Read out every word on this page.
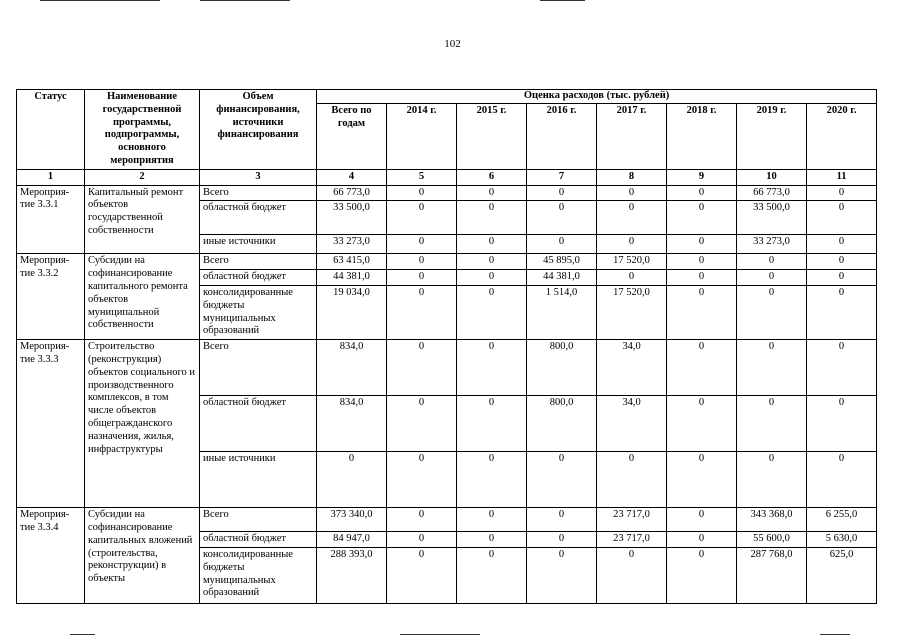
102
Статус	Наименование государственной программы, подпрограммы, основного мероприятия	Объем финансирования, источники финансирования	Оценка расходов (тыс. рублей)							
			Всего по годам	2014 г.	2015 г.	2016 г.	2017 г.	2018 г.	2019 г.	2020 г.
1	2	3	4	5	6	7	8	9	10	11
Мероприя-тие 3.3.1	Капитальный ремонт объектов государственной собственности	Всего	66 773,0	0	0	0	0	0	66 773,0	0
		областной бюджет	33 500,0	0	0	0	0	0	33 500,0	0
		иные источники	33 273,0	0	0	0	0	0	33 273,0	0
Мероприя-тие 3.3.2	Субсидии на софинансирование капитального ремонта объектов муниципальной собственности	Всего	63 415,0	0	0	45 895,0	17 520,0	0	0	0
		областной бюджет	44 381,0	0	0	44 381,0	0	0	0	0
		консолидированные бюджеты муниципальных образований	19 034,0	0	0	1 514,0	17 520,0	0	0	0
Мероприя-тие 3.3.3	Строительство (реконструкция) объектов социального и производственного комплексов, в том числе объектов общегражданского назначения, жилья, инфраструктуры	Всего	834,0	0	0	800,0	34,0	0	0	0
		областной бюджет	834,0	0	0	800,0	34,0	0	0	0
		иные источники	0	0	0	0	0	0	0	0
Мероприя-тие 3.3.4	Субсидии на софинансирование капитальных вложений (строительства, реконструкции) в объекты	Всего	373 340,0	0	0	0	23 717,0	0	343 368,0	6 255,0
		областной бюджет	84 947,0	0	0	0	23 717,0	0	55 600,0	5 630,0
		консолидированные бюджеты муниципальных образований	288 393,0	0	0	0	0	0	287 768,0	625,0
